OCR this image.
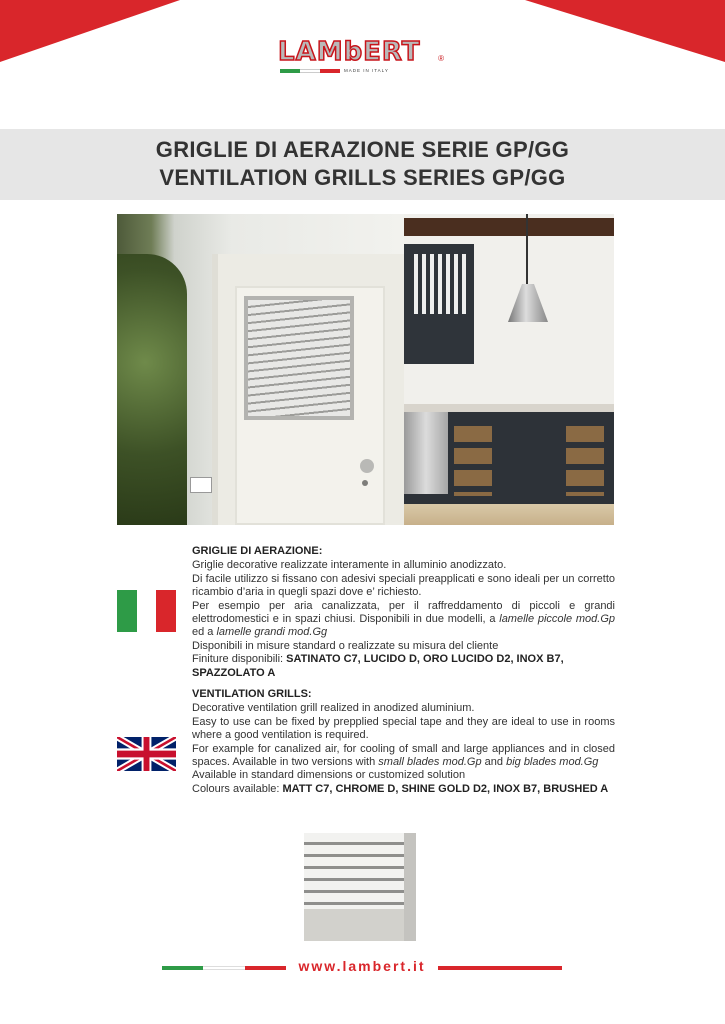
LAMbERT ®
MADE IN ITALY
GRIGLIE DI AERAZIONE SERIE GP/GG
VENTILATION GRILLS SERIES GP/GG
GRIGLIE DI AERAZIONE:

Griglie decorative realizzate interamente in alluminio anodizzato.

Di facile utilizzo si fissano con adesivi speciali preapplicati e sono ideali per un corretto ricambio d’aria in quegli spazi dove e’ richiesto.

Per esempio per aria canalizzata, per il raffreddamento di piccoli e grandi elettrodomestici e in spazi chiusi. Disponibili in due modelli, a lamelle piccole mod.Gp ed a lamelle grandi mod.Gg

Disponibili in misure standard o realizzate su misura del cliente

Finiture disponibili: SATINATO C7, LUCIDO D, ORO LUCIDO D2, INOX B7, SPAZZOLATO A

VENTILATION GRILLS:

Decorative ventilation grill realized in anodized aluminium.

Easy to use can be fixed by prepplied special tape and they are ideal to use in rooms where a good ventilation is required.

For example for canalized air, for cooling of small and large appliances and in closed spaces. Available in two versions with small blades mod.Gp and big blades mod.Gg

Available in standard dimensions or customized solution

Colours available: MATT C7, CHROME D, SHINE GOLD D2, INOX B7, BRUSHED A

www.lambert.it
